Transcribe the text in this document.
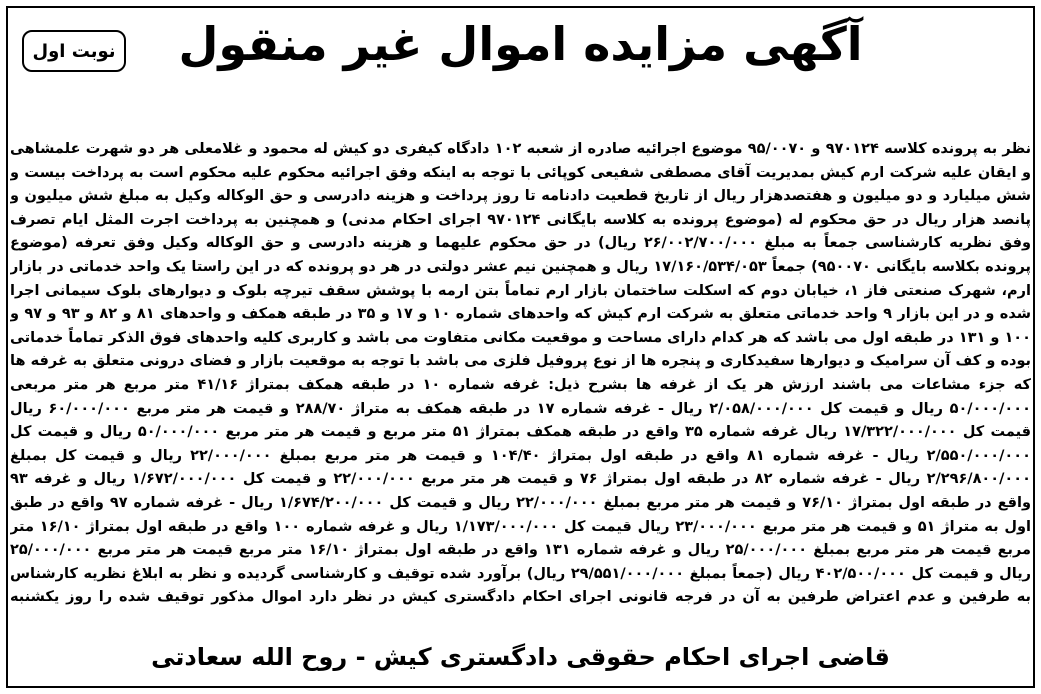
نوبت اول	آگهی مزایده اموال غیر منقول
نظر به پرونده کلاسه ۹۷۰۱۲۴ و ۹۵/۰۰۷۰ موضوع اجرائیه صادره از شعبه ۱۰۲ دادگاه کیفری دو کیش له محمود و غلامعلی هر دو شهرت علمشاهی و ایقان علیه شرکت ارم کیش بمدیریت آقای مصطفی شفیعی کوپائی با توجه به اینکه وفق اجرائیه محکوم علیه محکوم است به پرداخت بیست و شش میلیارد و دو میلیون و هفتصدهزار ریال از تاریخ قطعیت دادنامه تا روز پرداخت و هزینه دادرسی و حق الوکاله وکیل به مبلغ شش میلیون و پانصد هزار ریال در حق محکوم له (موضوع پرونده به کلاسه بایگانی ۹۷۰۱۲۴ اجرای احکام مدنی) و همچنین به پرداخت اجرت المثل ایام تصرف وفق نظریه کارشناسی جمعاً به مبلغ ۲۶/۰۰۲/۷۰۰/۰۰۰ ریال) در حق محکوم علیهما و هزینه دادرسی و حق الوکاله وکیل وفق تعرفه (موضوع پرونده بکلاسه بایگانی ۹۵۰۰۷۰) جمعاً ۱۷/۱۶۰/۵۳۴/۰۵۳ ریال و همچنین نیم عشر دولتی در هر دو پرونده که در این راستا یک واحد خدماتی در بازار ارم، شهرک صنعتی فاز ۱، خیابان دوم که اسکلت ساختمان بازار ارم تماماً بتن ارمه با پوشش سقف تیرچه بلوک و دیوارهای بلوک سیمانی اجرا شده و در این بازار ۹ واحد خدماتی متعلق به شرکت ارم کیش که واحدهای شماره ۱۰ و ۱۷ و ۳۵ در طبقه همکف و واحدهای ۸۱ و ۸۲ و ۹۳ و ۹۷ و ۱۰۰ و ۱۳۱ در طبقه اول می باشد که هر کدام دارای مساحت و موقعیت مکانی متفاوت می باشد و کاربری کلیه واحدهای فوق الذکر تماماً خدماتی بوده و کف آن سرامیک و دیوارها سفیدکاری و پنجره ها از نوع پروفیل فلزی می باشد با توجه به موقعیت بازار و فضای درونی متعلق به غرفه ها که جزء مشاعات می باشند ارزش هر یک از غرفه ها بشرح ذیل: غرفه شماره ۱۰ در طبقه همکف بمتراژ ۴۱/۱۶ متر مربع هر متر مربعی ۵۰/۰۰۰/۰۰۰ ریال و قیمت کل ۲/۰۵۸/۰۰۰/۰۰۰ ریال - غرفه شماره ۱۷ در طبقه همکف به متراژ ۲۸۸/۷۰ و قیمت هر متر مربع ۶۰/۰۰۰/۰۰۰ ریال قیمت کل ۱۷/۳۲۲/۰۰۰/۰۰۰ ریال غرفه شماره ۳۵ واقع در طبقه همکف بمتراژ ۵۱ متر مربع و قیمت هر متر مربع ۵۰/۰۰۰/۰۰۰ ریال و قیمت کل ۲/۵۵۰/۰۰۰/۰۰۰ ریال - غرفه شماره ۸۱ واقع در طبقه اول بمتراژ ۱۰۴/۴۰ و قیمت هر متر مربع بمبلغ ۲۲/۰۰۰/۰۰۰ ریال و قیمت کل بمبلغ ۲/۲۹۶/۸۰۰/۰۰۰ ریال - غرفه شماره ۸۲ در طبقه اول بمتراژ ۷۶ و قیمت هر متر مربع ۲۲/۰۰۰/۰۰۰ و قیمت کل ۱/۶۷۲/۰۰۰/۰۰۰ ریال و غرفه ۹۳ واقع در طبقه اول بمتراژ ۷۶/۱۰ و قیمت هر متر مربع بمبلغ ۲۲/۰۰۰/۰۰۰ ریال و قیمت کل ۱/۶۷۴/۲۰۰/۰۰۰ ریال - غرفه شماره ۹۷ واقع در طبق اول به متراژ ۵۱ و قیمت هر متر مربع ۲۳/۰۰۰/۰۰۰ ریال قیمت کل ۱/۱۷۳/۰۰۰/۰۰۰ ریال و غرفه شماره ۱۰۰ واقع در طبقه اول بمتراژ ۱۶/۱۰ متر مربع قیمت هر متر مربع بمبلغ ۲۵/۰۰۰/۰۰۰ ریال و غرفه شماره ۱۳۱ واقع در طبقه اول بمتراژ ۱۶/۱۰ متر مربع قیمت هر متر مربع ۲۵/۰۰۰/۰۰۰ ریال و قیمت کل ۴۰۲/۵۰۰/۰۰۰ ریال (جمعاً بمبلغ ۲۹/۵۵۱/۰۰۰/۰۰۰ ریال) برآورد شده توقیف و کارشناسی گردیده و نظر به ابلاغ نظریه کارشناس به طرفین و عدم اعتراض طرفین به آن در فرجه قانونی اجرای احکام دادگستری کیش در نظر دارد اموال مذکور توقیف شده را روز یکشنبه
قاضی اجرای احکام حقوقی دادگستری کیش - روح الله سعادتی
